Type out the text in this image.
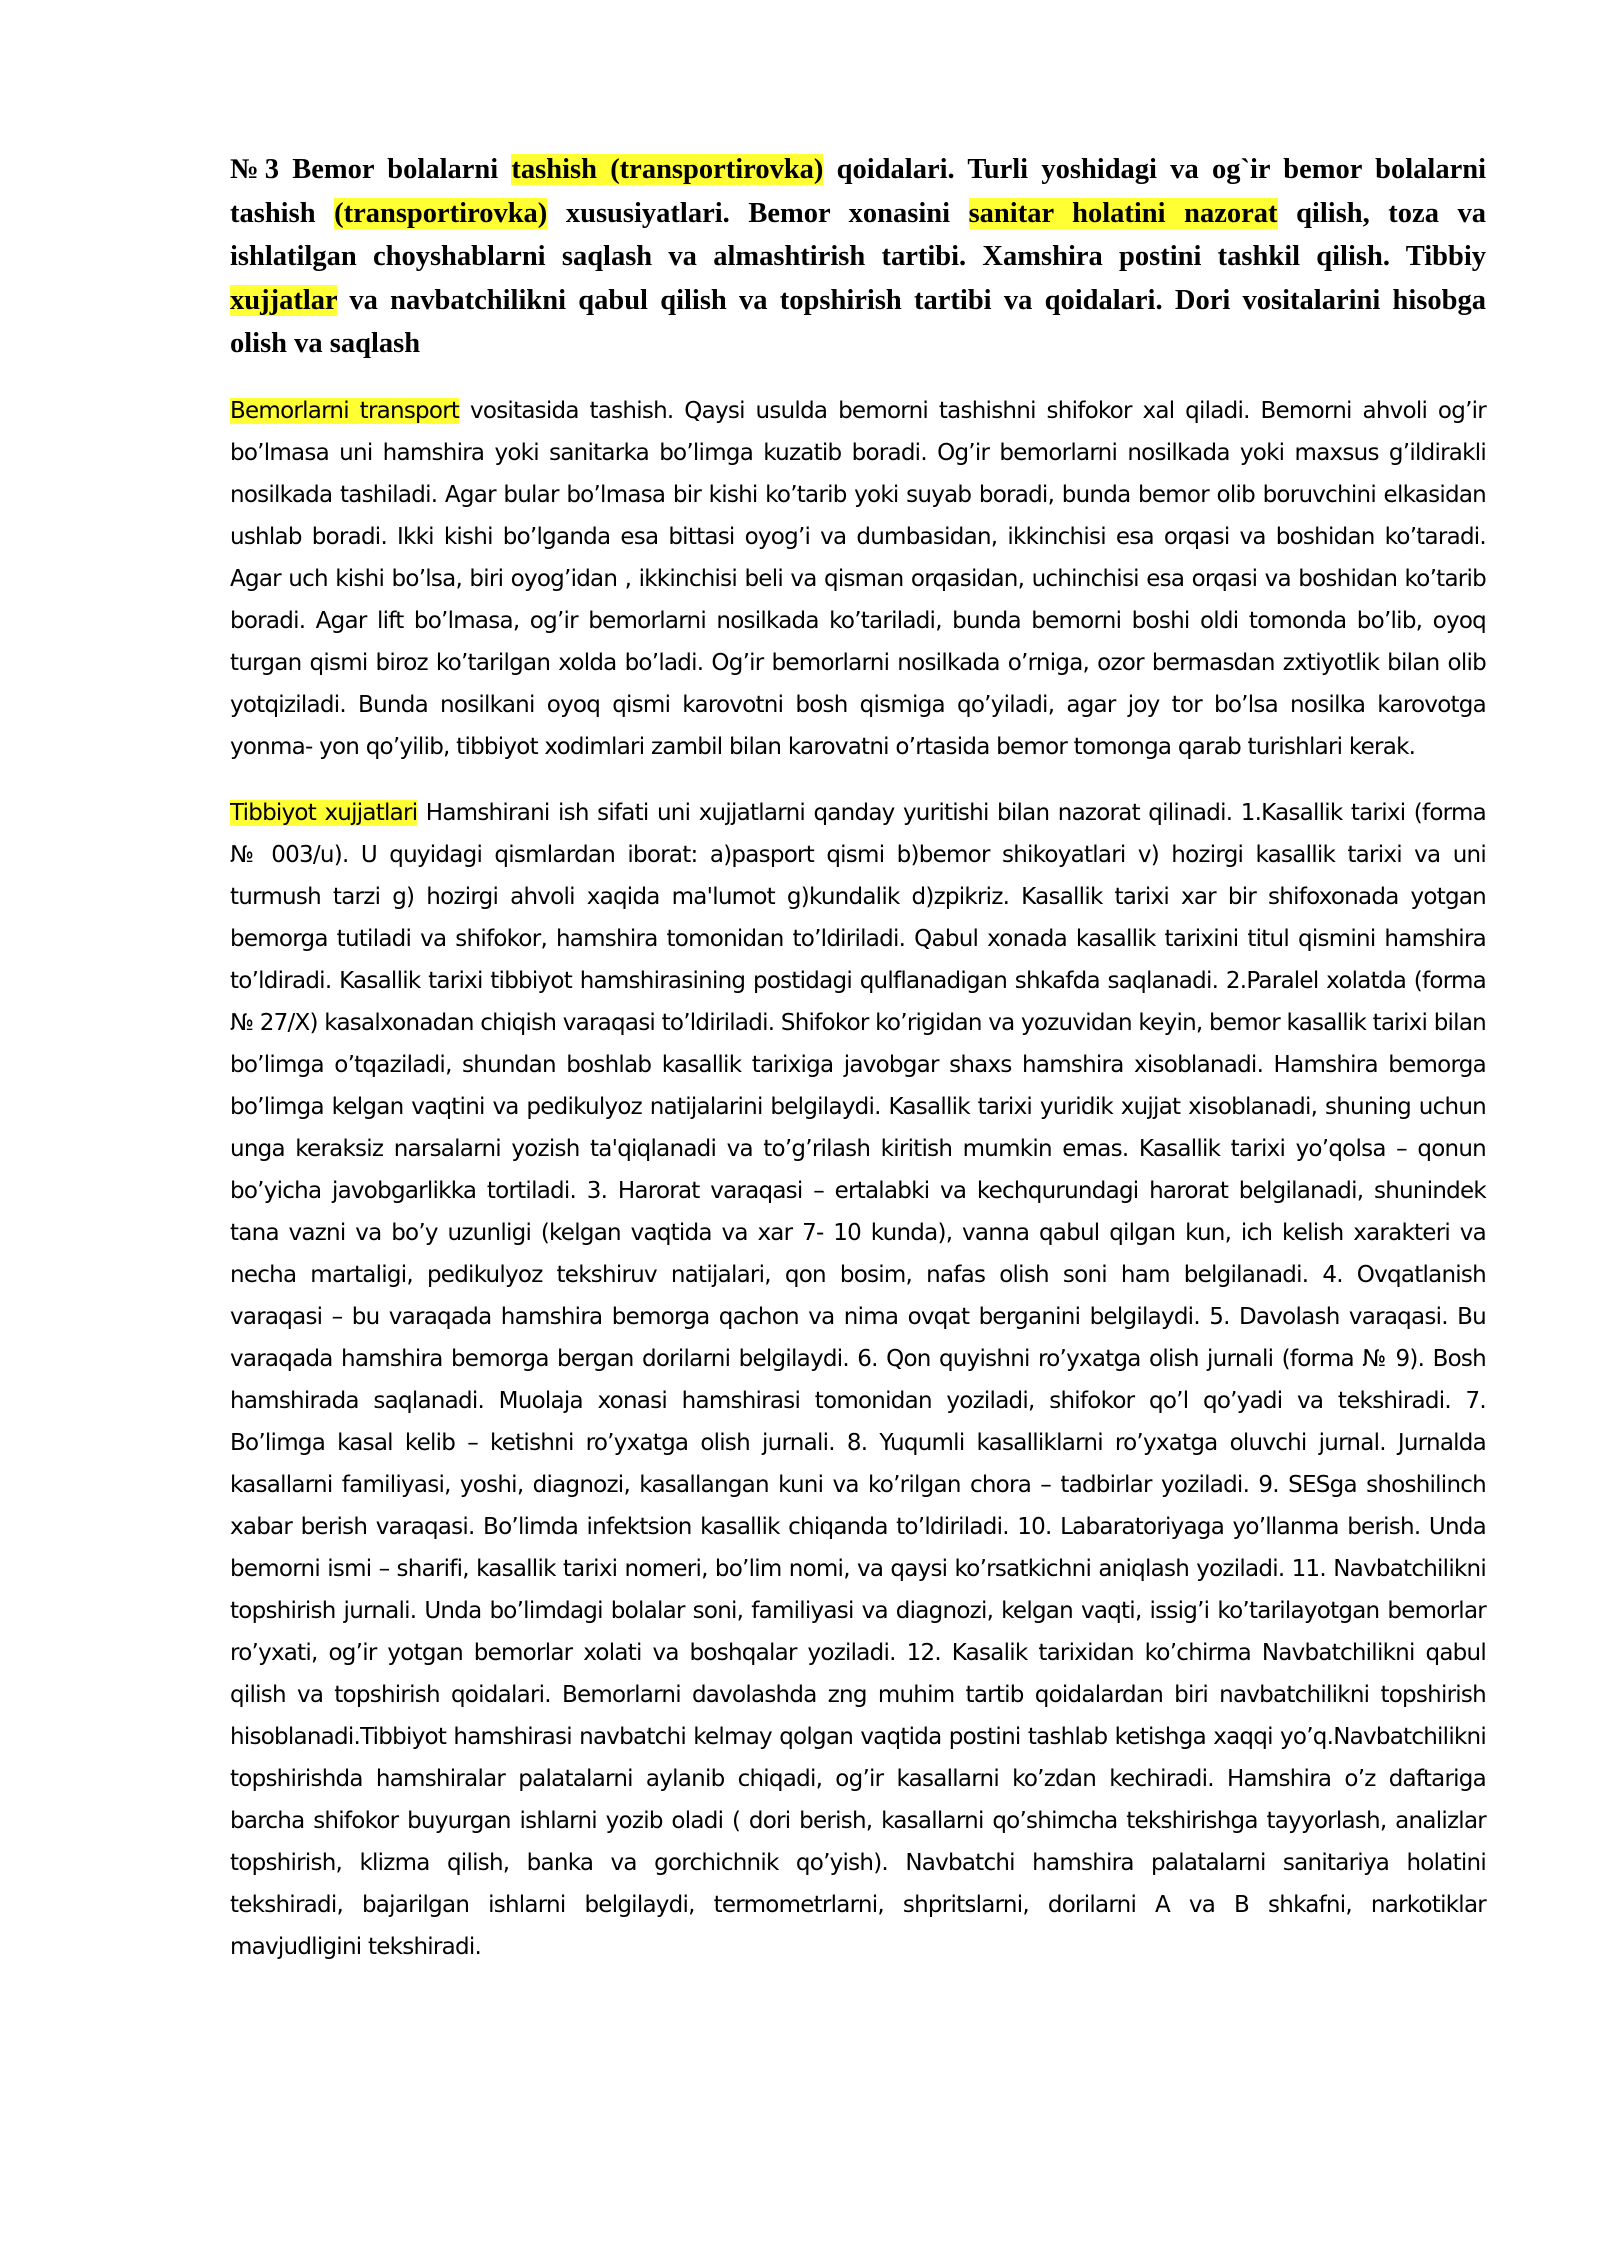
№3 Bemor bolalarni tashish (transportirovka) qoidalari. Turli yoshidagi va og`ir bemor bolalarni tashish (transportirovka) xususiyatlari. Bemor xonasini sanitar holatini nazorat qilish, toza va ishlatilgan choyshablarni saqlash va almashtirish tartibi. Xamshira postini tashkil qilish. Tibbiy xujjatlar va navbatchilikni qabul qilish va topshirish tartibi va qoidalari. Dori vositalarini hisobga olish va saqlash

Bemorlarni transport vositasida tashish. Qaysi usulda bemorni tashishni shifokor xal qiladi. Bemorni ahvoli og’ir bo’lmasa uni hamshira yoki sanitarka bo’limga kuzatib boradi. Og’ir bemorlarni nosilkada yoki maxsus g’ildirakli nosilkada tashiladi. Agar bular bo’lmasa bir kishi ko’tarib yoki suyab boradi, bunda bemor olib boruvchini elkasidan ushlab boradi. Ikki kishi bo’lganda esa bittasi oyog’i va dumbasidan, ikkinchisi esa orqasi va boshidan ko’taradi. Agar uch kishi bo’lsa, biri oyog’idan , ikkinchisi beli va qisman orqasidan, uchinchisi esa orqasi va boshidan ko’tarib boradi. Agar lift bo’lmasa, og’ir bemorlarni nosilkada ko’tariladi, bunda bemorni boshi oldi tomonda bo’lib, oyoq turgan qismi biroz ko’tarilgan xolda bo’ladi. Og’ir bemorlarni nosilkada o’rniga, ozor bermasdan zxtiyotlik bilan olib yotqiziladi. Bunda nosilkani oyoq qismi karovotni bosh qismiga qo’yiladi, agar joy tor bo’lsa nosilka karovotga yonma- yon qo’yilib, tibbiyot xodimlari zambil bilan karovatni o’rtasida bemor tomonga qarab turishlari kerak.

Tibbiyot xujjatlari Hamshirani ish sifati uni xujjatlarni qanday yuritishi bilan nazorat qilinadi. 1.Kasallik tarixi (forma № 003/u). U quyidagi qismlardan iborat: a)pasport qismi b)bemor shikoyatlari v) hozirgi kasallik tarixi va uni turmush tarzi g) hozirgi ahvoli xaqida ma'lumot g)kundalik d)zpikriz. Kasallik tarixi xar bir shifoxonada yotgan bemorga tutiladi va shifokor, hamshira tomonidan to’ldiriladi. Qabul xonada kasallik tarixini titul qismini hamshira to’ldiradi. Kasallik tarixi tibbiyot hamshirasining postidagi qulflanadigan shkafda saqlanadi. 2.Paralel xolatda (forma № 27/X) kasalxonadan chiqish varaqasi to’ldiriladi. Shifokor ko’rigidan va yozuvidan keyin, bemor kasallik tarixi bilan bo’limga o’tqaziladi, shundan boshlab kasallik tarixiga javobgar shaxs hamshira xisoblanadi. Hamshira bemorga bo’limga kelgan vaqtini va pedikulyoz natijalarini belgilaydi. Kasallik tarixi yuridik xujjat xisoblanadi, shuning uchun unga keraksiz narsalarni yozish ta'qiqlanadi va to’g’rilash kiritish mumkin emas. Kasallik tarixi yo’qolsa – qonun bo’yicha javobgarlikka tortiladi. 3. Harorat varaqasi – ertalabki va kechqurundagi harorat belgilanadi, shunindek tana vazni va bo’y uzunligi (kelgan vaqtida va xar 7- 10 kunda), vanna qabul qilgan kun, ich kelish xarakteri va necha martaligi, pedikulyoz tekshiruv natijalari, qon bosim, nafas olish soni ham belgilanadi. 4. Ovqatlanish varaqasi – bu varaqada hamshira bemorga qachon va nima ovqat berganini belgilaydi. 5. Davolash varaqasi. Bu varaqada hamshira bemorga bergan dorilarni belgilaydi. 6. Qon quyishni ro’yxatga olish jurnali (forma № 9). Bosh hamshirada saqlanadi. Muolaja xonasi hamshirasi tomonidan yoziladi, shifokor qo’l qo’yadi va tekshiradi. 7. Bo’limga kasal kelib – ketishni ro’yxatga olish jurnali. 8. Yuqumli kasalliklarni ro’yxatga oluvchi jurnal. Jurnalda kasallarni familiyasi, yoshi, diagnozi, kasallangan kuni va ko’rilgan chora – tadbirlar yoziladi. 9. SESga shoshilinch xabar berish varaqasi. Bo’limda infektsion kasallik chiqanda to’ldiriladi. 10. Labaratoriyaga yo’llanma berish. Unda bemorni ismi – sharifi, kasallik tarixi nomeri, bo’lim nomi, va qaysi ko’rsatkichni aniqlash yoziladi. 11. Navbatchilikni topshirish jurnali. Unda bo’limdagi bolalar soni, familiyasi va diagnozi, kelgan vaqti, issig’i ko’tarilayotgan bemorlar ro’yxati, og’ir yotgan bemorlar xolati va boshqalar yoziladi. 12. Kasalik tarixidan ko’chirma Navbatchilikni qabul qilish va topshirish qoidalari. Bemorlarni davolashda zng muhim tartib qoidalardan biri navbatchilikni topshirish hisoblanadi.Tibbiyot hamshirasi navbatchi kelmay qolgan vaqtida postini tashlab ketishga xaqqi yo’q.Navbatchilikni topshirishda hamshiralar palatalarni aylanib chiqadi, og’ir kasallarni ko’zdan kechiradi. Hamshira o’z daftariga barcha shifokor buyurgan ishlarni yozib oladi ( dori berish, kasallarni qo’shimcha tekshirishga tayyorlash, analizlar topshirish, klizma qilish, banka va gorchichnik qo’yish). Navbatchi hamshira palatalarni sanitariya holatini tekshiradi, bajarilgan ishlarni belgilaydi, termometrlarni, shpritslarni, dorilarni A va B shkafni, narkotiklar mavjudligini tekshiradi.
